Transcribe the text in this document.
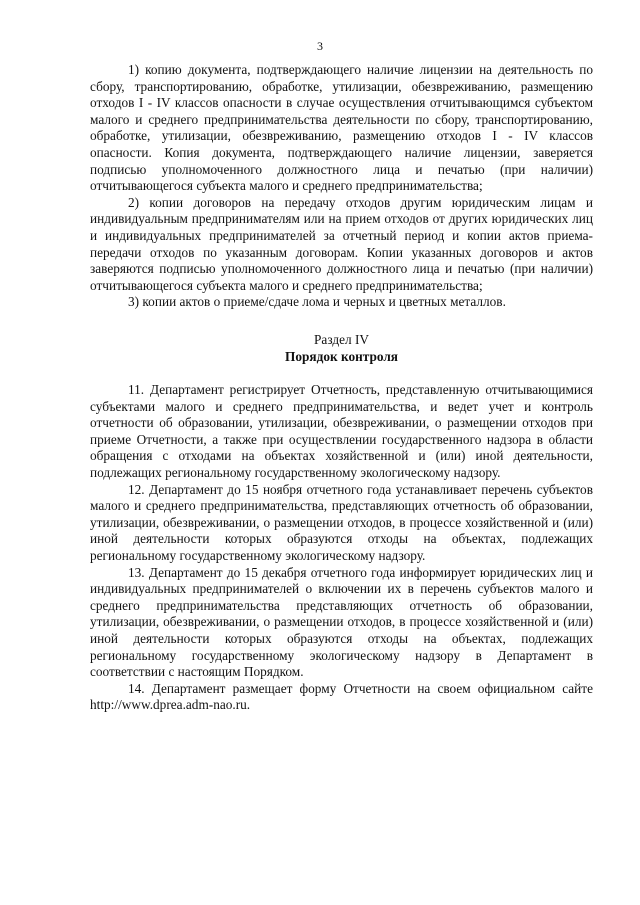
3

1) копию документа, подтверждающего наличие лицензии на деятельность по сбору, транспортированию, обработке, утилизации, обезвреживанию, размещению отходов I - IV классов опасности в случае осуществления отчитывающимся субъектом малого и среднего предпринимательства деятельности по сбору, транспортированию, обработке, утилизации, обезвреживанию, размещению отходов I - IV классов опасности. Копия документа, подтверждающего наличие лицензии, заверяется подписью уполномоченного должностного лица и печатью (при наличии) отчитывающегося субъекта малого и среднего предпринимательства;

2) копии договоров на передачу отходов другим юридическим лицам и индивидуальным предпринимателям или на прием отходов от других юридических лиц и индивидуальных предпринимателей за отчетный период и копии актов приема-передачи отходов по указанным договорам. Копии указанных договоров и актов заверяются подписью уполномоченного должностного лица и печатью (при наличии) отчитывающегося субъекта малого и среднего предпринимательства;

3) копии актов о приеме/сдаче лома и черных и цветных металлов.

Раздел IV
Порядок контроля

11. Департамент регистрирует Отчетность, представленную отчитывающимися субъектами малого и среднего предпринимательства, и ведет учет и контроль отчетности об образовании, утилизации, обезвреживании, о размещении отходов при приеме Отчетности, а также при осуществлении государственного надзора в области обращения с отходами на объектах хозяйственной и (или) иной деятельности, подлежащих региональному государственному экологическому надзору.

12. Департамент до 15 ноября отчетного года устанавливает перечень субъектов малого и среднего предпринимательства, представляющих отчетность об образовании, утилизации, обезвреживании, о размещении отходов, в процессе хозяйственной и (или) иной деятельности которых образуются отходы на объектах, подлежащих региональному государственному экологическому надзору.

13. Департамент до 15 декабря отчетного года информирует юридических лиц и индивидуальных предпринимателей о включении их в перечень субъектов малого и среднего предпринимательства представляющих отчетность об образовании, утилизации, обезвреживании, о размещении отходов, в процессе хозяйственной и (или) иной деятельности которых образуются отходы на объектах, подлежащих региональному государственному экологическому надзору в Департамент в соответствии с настоящим Порядком.

14. Департамент размещает форму Отчетности на своем официальном сайте http://www.dprea.adm-nao.ru.
